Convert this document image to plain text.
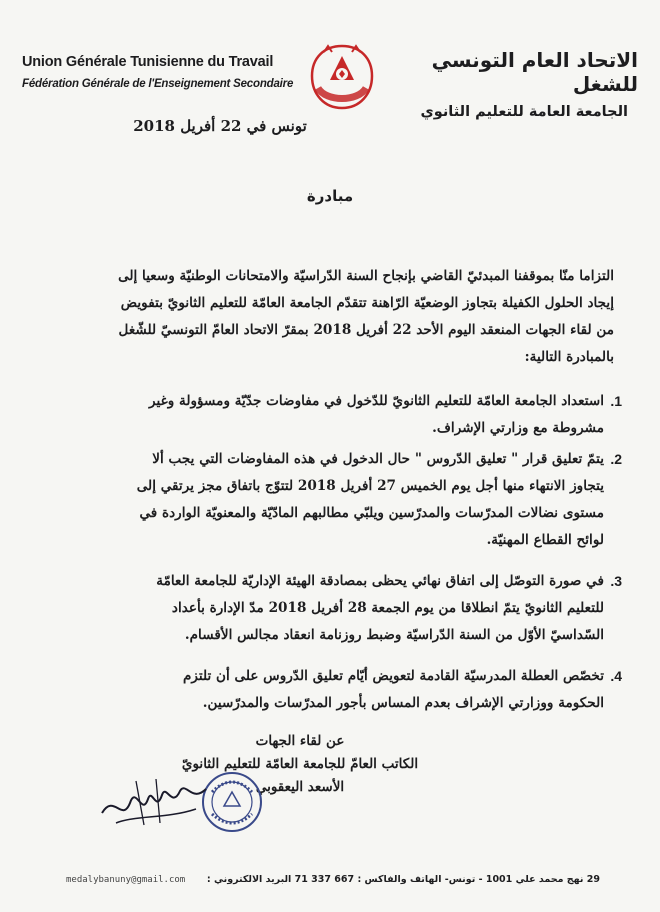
Union Générale Tunisienne du Travail
Fédération Générale de l'Enseignement Secondaire
الاتحاد العام التونسي للشغل
الجامعة العامة للتعليم الثانوي
تونس في 22 أفريل 2018
مبادرة
التزاما منّا بموقفنا المبدئيّ القاضي بإنجاح السنة الدّراسيّة والامتحانات الوطنيّة وسعيا إلى
إيجاد الحلول الكفيلة بتجاوز الوضعيّة الرّاهنة تتقدّم الجامعة العامّة للتعليم الثانويّ بتفويض
من لقاء الجهات المنعقد اليوم الأحد 22 أفريل 2018 بمقرّ الاتحاد العامّ التونسيّ للشّغل
بالمبادرة التالية:
1.
استعداد الجامعة العامّة للتعليم الثانويّ للدّخول في مفاوضات جدّيّة ومسؤولة وغير
مشروطة مع وزارتي الإشراف.
2.
يتمّ تعليق قرار " تعليق الدّروس " حال الدخول في هذه المفاوضات التي يجب ألا
يتجاوز الانتهاء منها أجل يوم الخميس 27 أفريل 2018 لتتوّج باتفاق مجز يرتقي إلى
مستوى نضالات المدرّسات والمدرّسين ويلبّي مطالبهم المادّيّة والمعنويّة الواردة في
لوائح القطاع المهنيّة.
3.
في صورة التوصّل إلى اتفاق نهائي يحظى بمصادقة الهيئة الإداريّة للجامعة العامّة
للتعليم الثانويّ يتمّ انطلاقا من يوم الجمعة 28 أفريل 2018 مدّ الإدارة بأعداد
السّداسيّ الأوّل من السنة الدّراسيّة وضبط روزنامة انعقاد مجالس الأقسام.
4.
تخصّص العطلة المدرسيّة القادمة لتعويض أيّام تعليق الدّروس على أن تلتزم
الحكومة ووزارتي الإشراف بعدم المساس بأجور المدرّسات والمدرّسين.
عن لقاء الجهات
الكاتب العامّ للجامعة العامّة للتعليم الثانويّ
الأسعد اليعقوبي
29 نهج محمد علي 1001 - تونس- الهاتف والفاكس : 667 337 71 البريد الالكتروني :
medalybanuny@gmail.com
